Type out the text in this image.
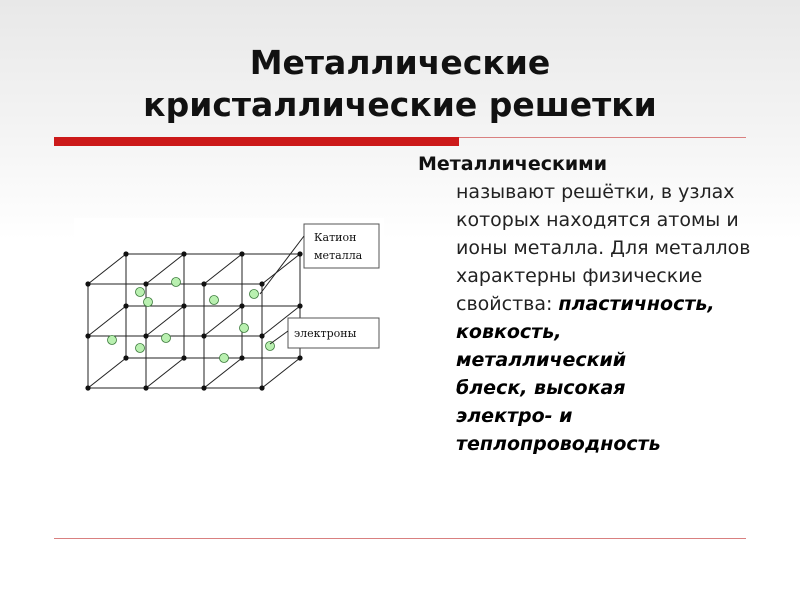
Металлические
кристаллические решетки
Металлическими
называют решётки, в узлах которых находятся атомы и ионы металла. Для металлов характерны физические свойства: пластичность,
ковкость,
металлический
блеск, высокая
электро- и
теплопроводность
Катион
металла
электроны
